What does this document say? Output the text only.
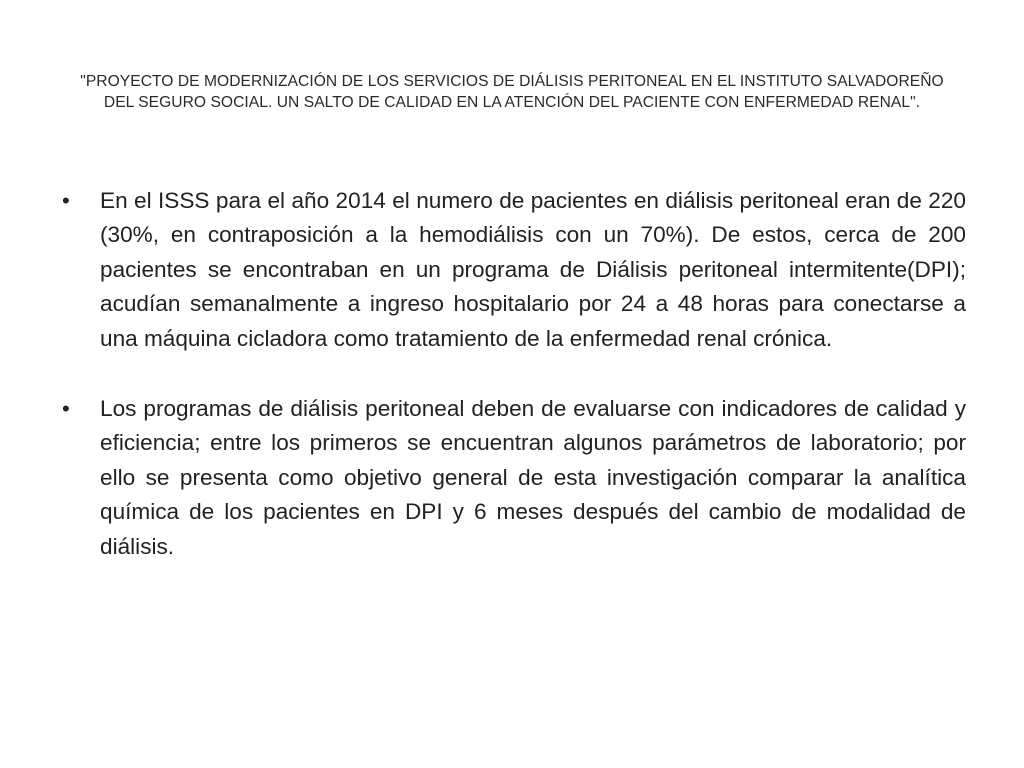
"PROYECTO DE MODERNIZACIÓN DE LOS SERVICIOS DE DIÁLISIS PERITONEAL EN EL INSTITUTO SALVADOREÑO DEL SEGURO SOCIAL. UN SALTO DE CALIDAD EN LA ATENCIÓN DEL PACIENTE CON ENFERMEDAD RENAL".
•	En el ISSS para el año 2014 el numero de pacientes en diálisis peritoneal eran de 220 (30%, en contraposición a la hemodiálisis con un 70%). De estos, cerca de 200 pacientes se encontraban en un programa de Diálisis peritoneal intermitente(DPI); acudían semanalmente a ingreso hospitalario por 24 a 48 horas para conectarse a una máquina cicladora como tratamiento de la enfermedad renal crónica.
•	Los programas de diálisis peritoneal deben de evaluarse con indicadores de calidad y eficiencia; entre los primeros se encuentran algunos parámetros de laboratorio; por ello se presenta como objetivo general de esta investigación comparar la analítica química de los pacientes en DPI y 6 meses después del cambio de modalidad de diálisis.
